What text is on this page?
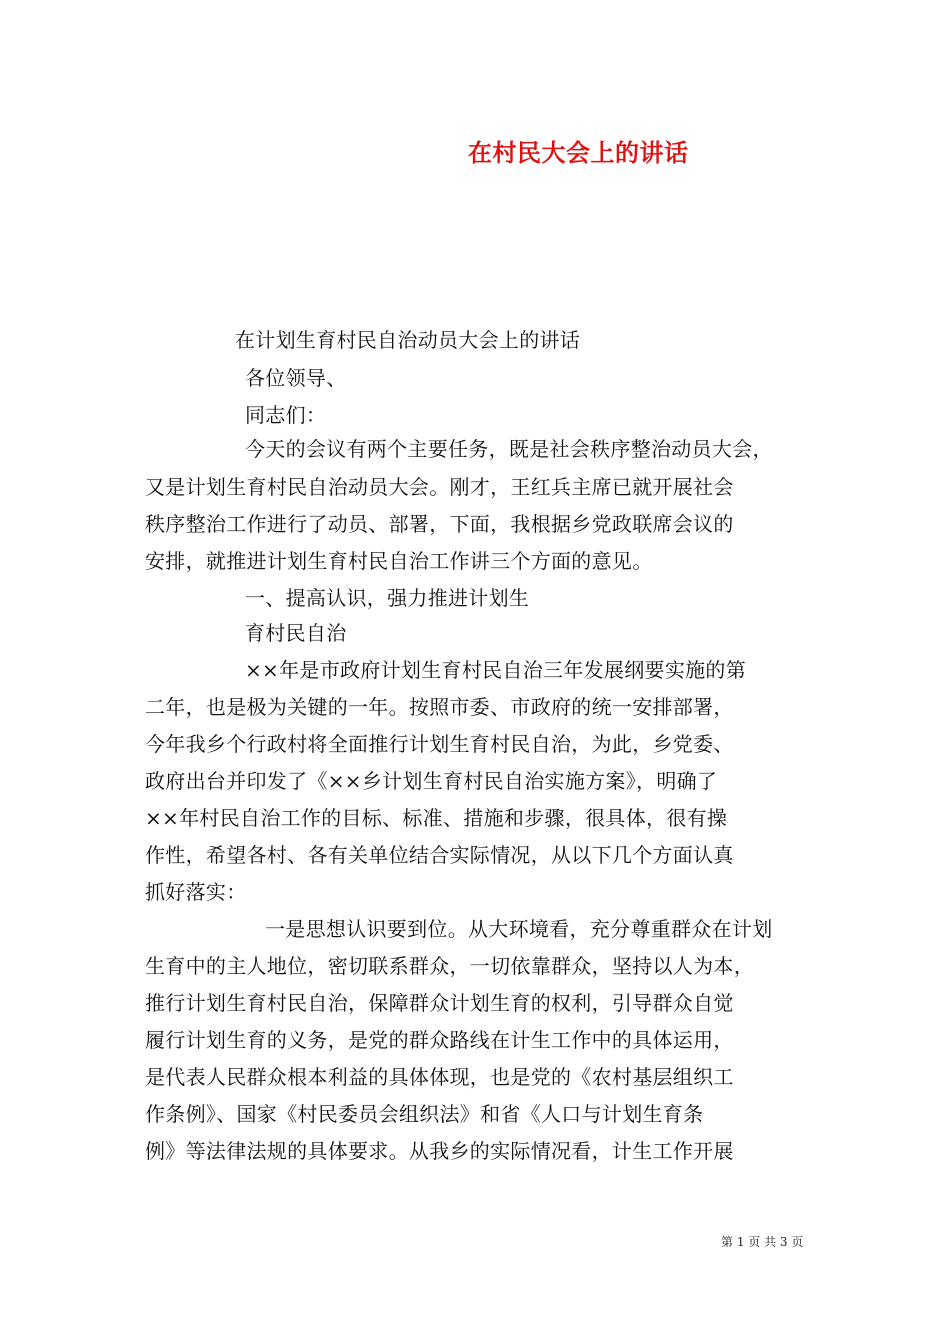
在村民大会上的讲话
在计划生育村民自治动员大会上的讲话
各位领导、
同志们：
今天的会议有两个主要任务，既是社会秩序整治动员大会，
又是计划生育村民自治动员大会。刚才，王红兵主席已就开展社会
秩序整治工作进行了动员、部署，下面，我根据乡党政联席会议的
安排，就推进计划生育村民自治工作讲三个方面的意见。
一、提高认识，强力推进计划生
育村民自治
××年是市政府计划生育村民自治三年发展纲要实施的第
二年，也是极为关键的一年。按照市委、市政府的统一安排部署，
今年我乡个行政村将全面推行计划生育村民自治，为此，乡党委、
政府出台并印发了《××乡计划生育村民自治实施方案》，明确了
××年村民自治工作的目标、标准、措施和步骤，很具体，很有操
作性，希望各村、各有关单位结合实际情况，从以下几个方面认真
抓好落实：
一是思想认识要到位。从大环境看，充分尊重群众在计划
生育中的主人地位，密切联系群众，一切依靠群众，坚持以人为本，
推行计划生育村民自治，保障群众计划生育的权利，引导群众自觉
履行计划生育的义务，是党的群众路线在计生工作中的具体运用，
是代表人民群众根本利益的具体体现，也是党的《农村基层组织工
作条例》、国家《村民委员会组织法》和省《人口与计划生育条
例》等法律法规的具体要求。从我乡的实际情况看，计生工作开展
第 1 页 共 3 页
